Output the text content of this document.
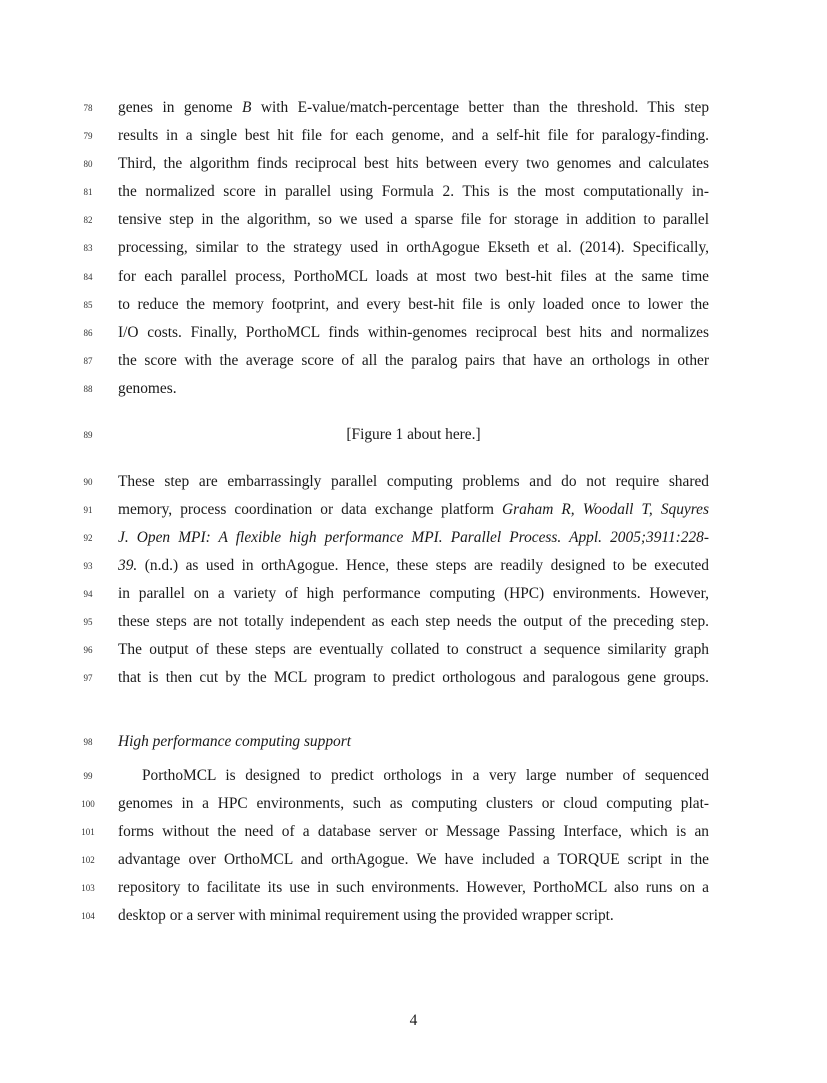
78	genes in genome B with E-value/match-percentage better than the threshold. This step
79	results in a single best hit file for each genome, and a self-hit file for paralogy-finding.
80	Third, the algorithm finds reciprocal best hits between every two genomes and calculates
81	the normalized score in parallel using Formula 2. This is the most computationally in-
82	tensive step in the algorithm, so we used a sparse file for storage in addition to parallel
83	processing, similar to the strategy used in orthAgogue Ekseth et al. (2014). Specifically,
84	for each parallel process, PorthoMCL loads at most two best-hit files at the same time
85	to reduce the memory footprint, and every best-hit file is only loaded once to lower the
86	I/O costs. Finally, PorthoMCL finds within-genomes reciprocal best hits and normalizes
87	the score with the average score of all the paralog pairs that have an orthologs in other
88	genomes.
89	[Figure 1 about here.]
90	These step are embarrassingly parallel computing problems and do not require shared
91	memory, process coordination or data exchange platform Graham R, Woodall T, Squyres
92	J. Open MPI: A flexible high performance MPI. Parallel Process. Appl. 2005;3911:228-
93	39. (n.d.) as used in orthAgogue. Hence, these steps are readily designed to be executed
94	in parallel on a variety of high performance computing (HPC) environments. However,
95	these steps are not totally independent as each step needs the output of the preceding step.
96	The output of these steps are eventually collated to construct a sequence similarity graph
97	that is then cut by the MCL program to predict orthologous and paralogous gene groups.
98	High performance computing support
99	PorthoMCL is designed to predict orthologs in a very large number of sequenced
100	genomes in a HPC environments, such as computing clusters or cloud computing plat-
101	forms without the need of a database server or Message Passing Interface, which is an
102	advantage over OrthoMCL and orthAgogue. We have included a TORQUE script in the
103	repository to facilitate its use in such environments. However, PorthoMCL also runs on a
104	desktop or a server with minimal requirement using the provided wrapper script.
4
